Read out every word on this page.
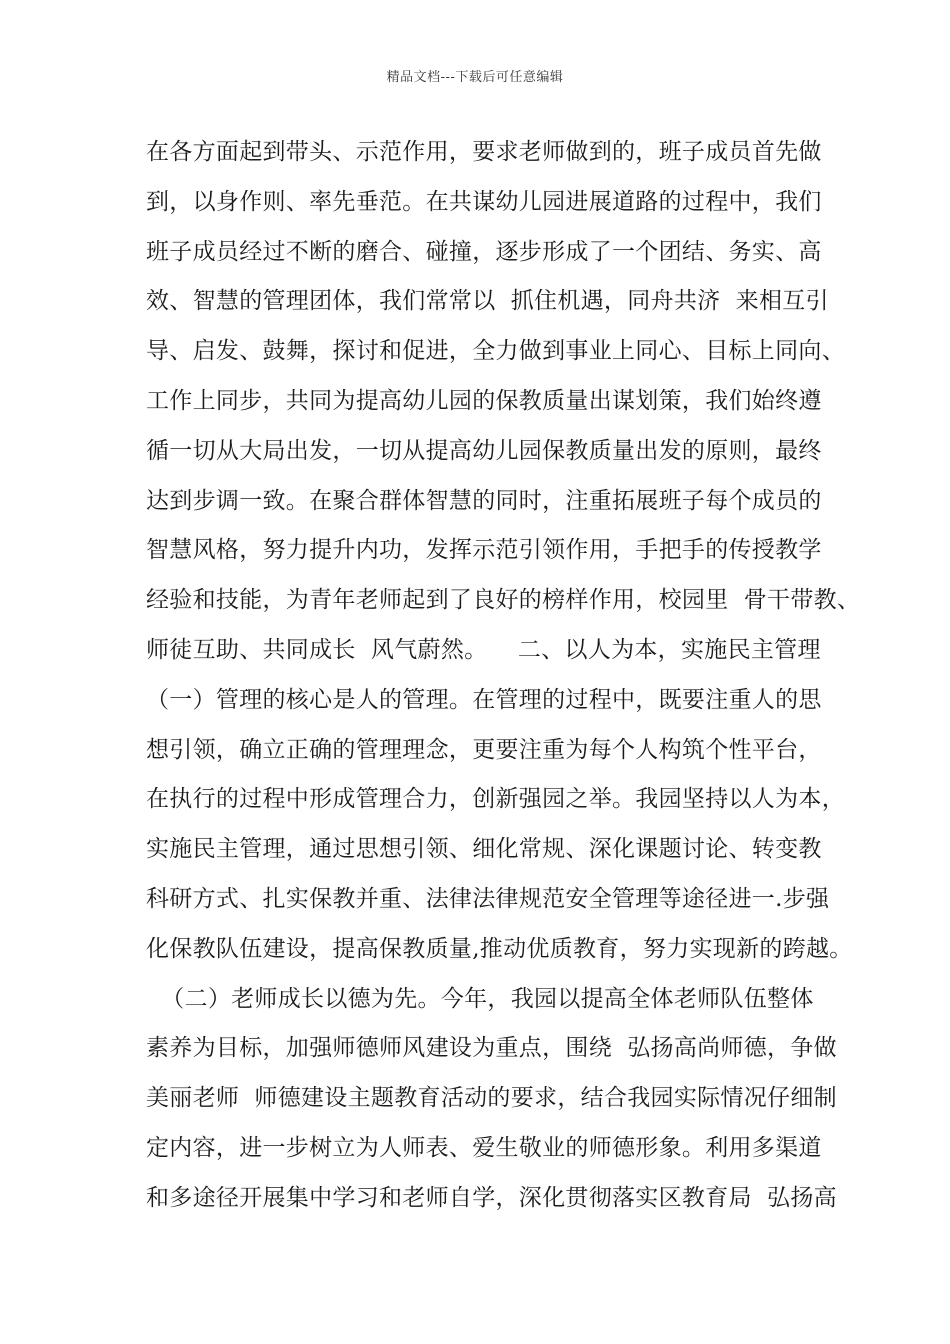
精品文档---下载后可任意编辑
在各方面起到带头、示范作用，要求老师做到的，班子成员首先做
到，以身作则、率先垂范。在共谋幼儿园进展道路的过程中，我们
班子成员经过不断的磨合、碰撞，逐步形成了一个团结、务实、高
效、智慧的管理团体，我们常常以  抓住机遇，同舟共济  来相互引
导、启发、鼓舞，探讨和促进，全力做到事业上同心、目标上同向、
工作上同步，共同为提高幼儿园的保教质量出谋划策，我们始终遵
循一切从大局出发，一切从提高幼儿园保教质量出发的原则，最终
达到步调一致。在聚合群体智慧的同时，注重拓展班子每个成员的
智慧风格，努力提升内功，发挥示范引领作用，手把手的传授教学
经验和技能，为青年老师起到了良好的榜样作用，校园里  骨干带教、
师徒互助、共同成长  风气蔚然。    二、以人为本，实施民主管理
（一）管理的核心是人的管理。在管理的过程中，既要注重人的思
想引领，确立正确的管理理念，更要注重为每个人构筑个性平台，
在执行的过程中形成管理合力，创新强园之举。我园坚持以人为本，
实施民主管理，通过思想引领、细化常规、深化课题讨论、转变教
科研方式、扎实保教并重、法律法律规范安全管理等途径进一.步强
化保教队伍建设，提高保教质量,推动优质教育，努力实现新的跨越。
（二）老师成长以德为先。今年，我园以提高全体老师队伍整体
素养为目标，加强师德师风建设为重点，围绕  弘扬高尚师德，争做
美丽老师  师德建设主题教育活动的要求，结合我园实际情况仔细制
定内容，进一步树立为人师表、爱生敬业的师德形象。利用多渠道
和多途径开展集中学习和老师自学，深化贯彻落实区教育局  弘扬高
